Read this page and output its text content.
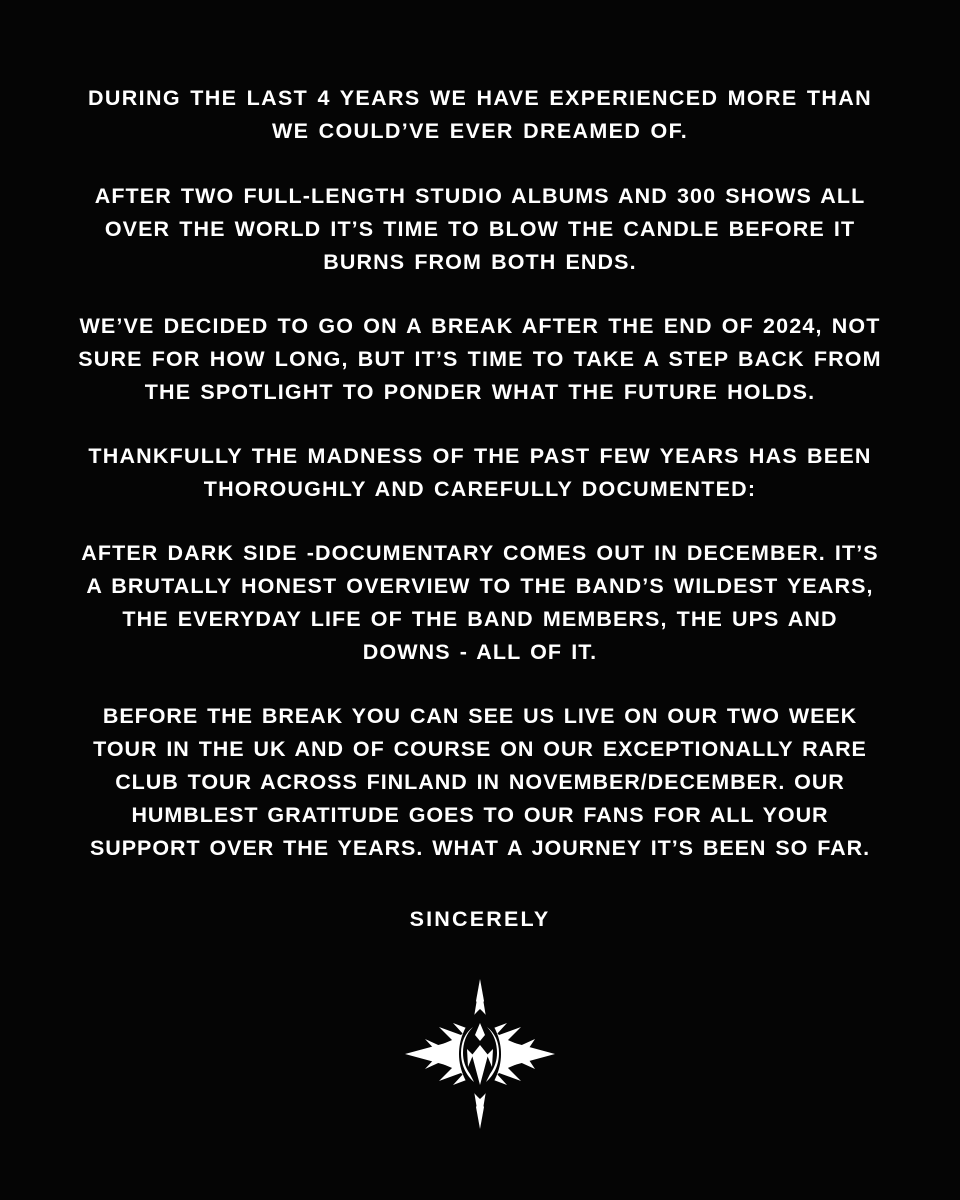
DURING THE LAST 4 YEARS WE HAVE EXPERIENCED MORE THAN WE COULD’VE EVER DREAMED OF.

AFTER TWO FULL-LENGTH STUDIO ALBUMS AND 300 SHOWS ALL OVER THE WORLD IT’S TIME TO BLOW THE CANDLE BEFORE IT BURNS FROM BOTH ENDS.

WE’VE DECIDED TO GO ON A BREAK AFTER THE END OF 2024, NOT SURE FOR HOW LONG, BUT IT’S TIME TO TAKE A STEP BACK FROM THE SPOTLIGHT TO PONDER WHAT THE FUTURE HOLDS.

THANKFULLY THE MADNESS OF THE PAST FEW YEARS HAS BEEN THOROUGHLY AND CAREFULLY DOCUMENTED:

AFTER DARK SIDE -DOCUMENTARY COMES OUT IN DECEMBER. IT’S A BRUTALLY HONEST OVERVIEW TO THE BAND’S WILDEST YEARS, THE EVERYDAY LIFE OF THE BAND MEMBERS, THE UPS AND DOWNS - ALL OF IT.

BEFORE THE BREAK YOU CAN SEE US LIVE ON OUR TWO WEEK TOUR IN THE UK AND OF COURSE ON OUR EXCEPTIONALLY RARE CLUB TOUR ACROSS FINLAND IN NOVEMBER/DECEMBER. OUR HUMBLEST GRATITUDE GOES TO OUR FANS FOR ALL YOUR SUPPORT OVER THE YEARS. WHAT A JOURNEY IT’S BEEN SO FAR.

SINCERELY
